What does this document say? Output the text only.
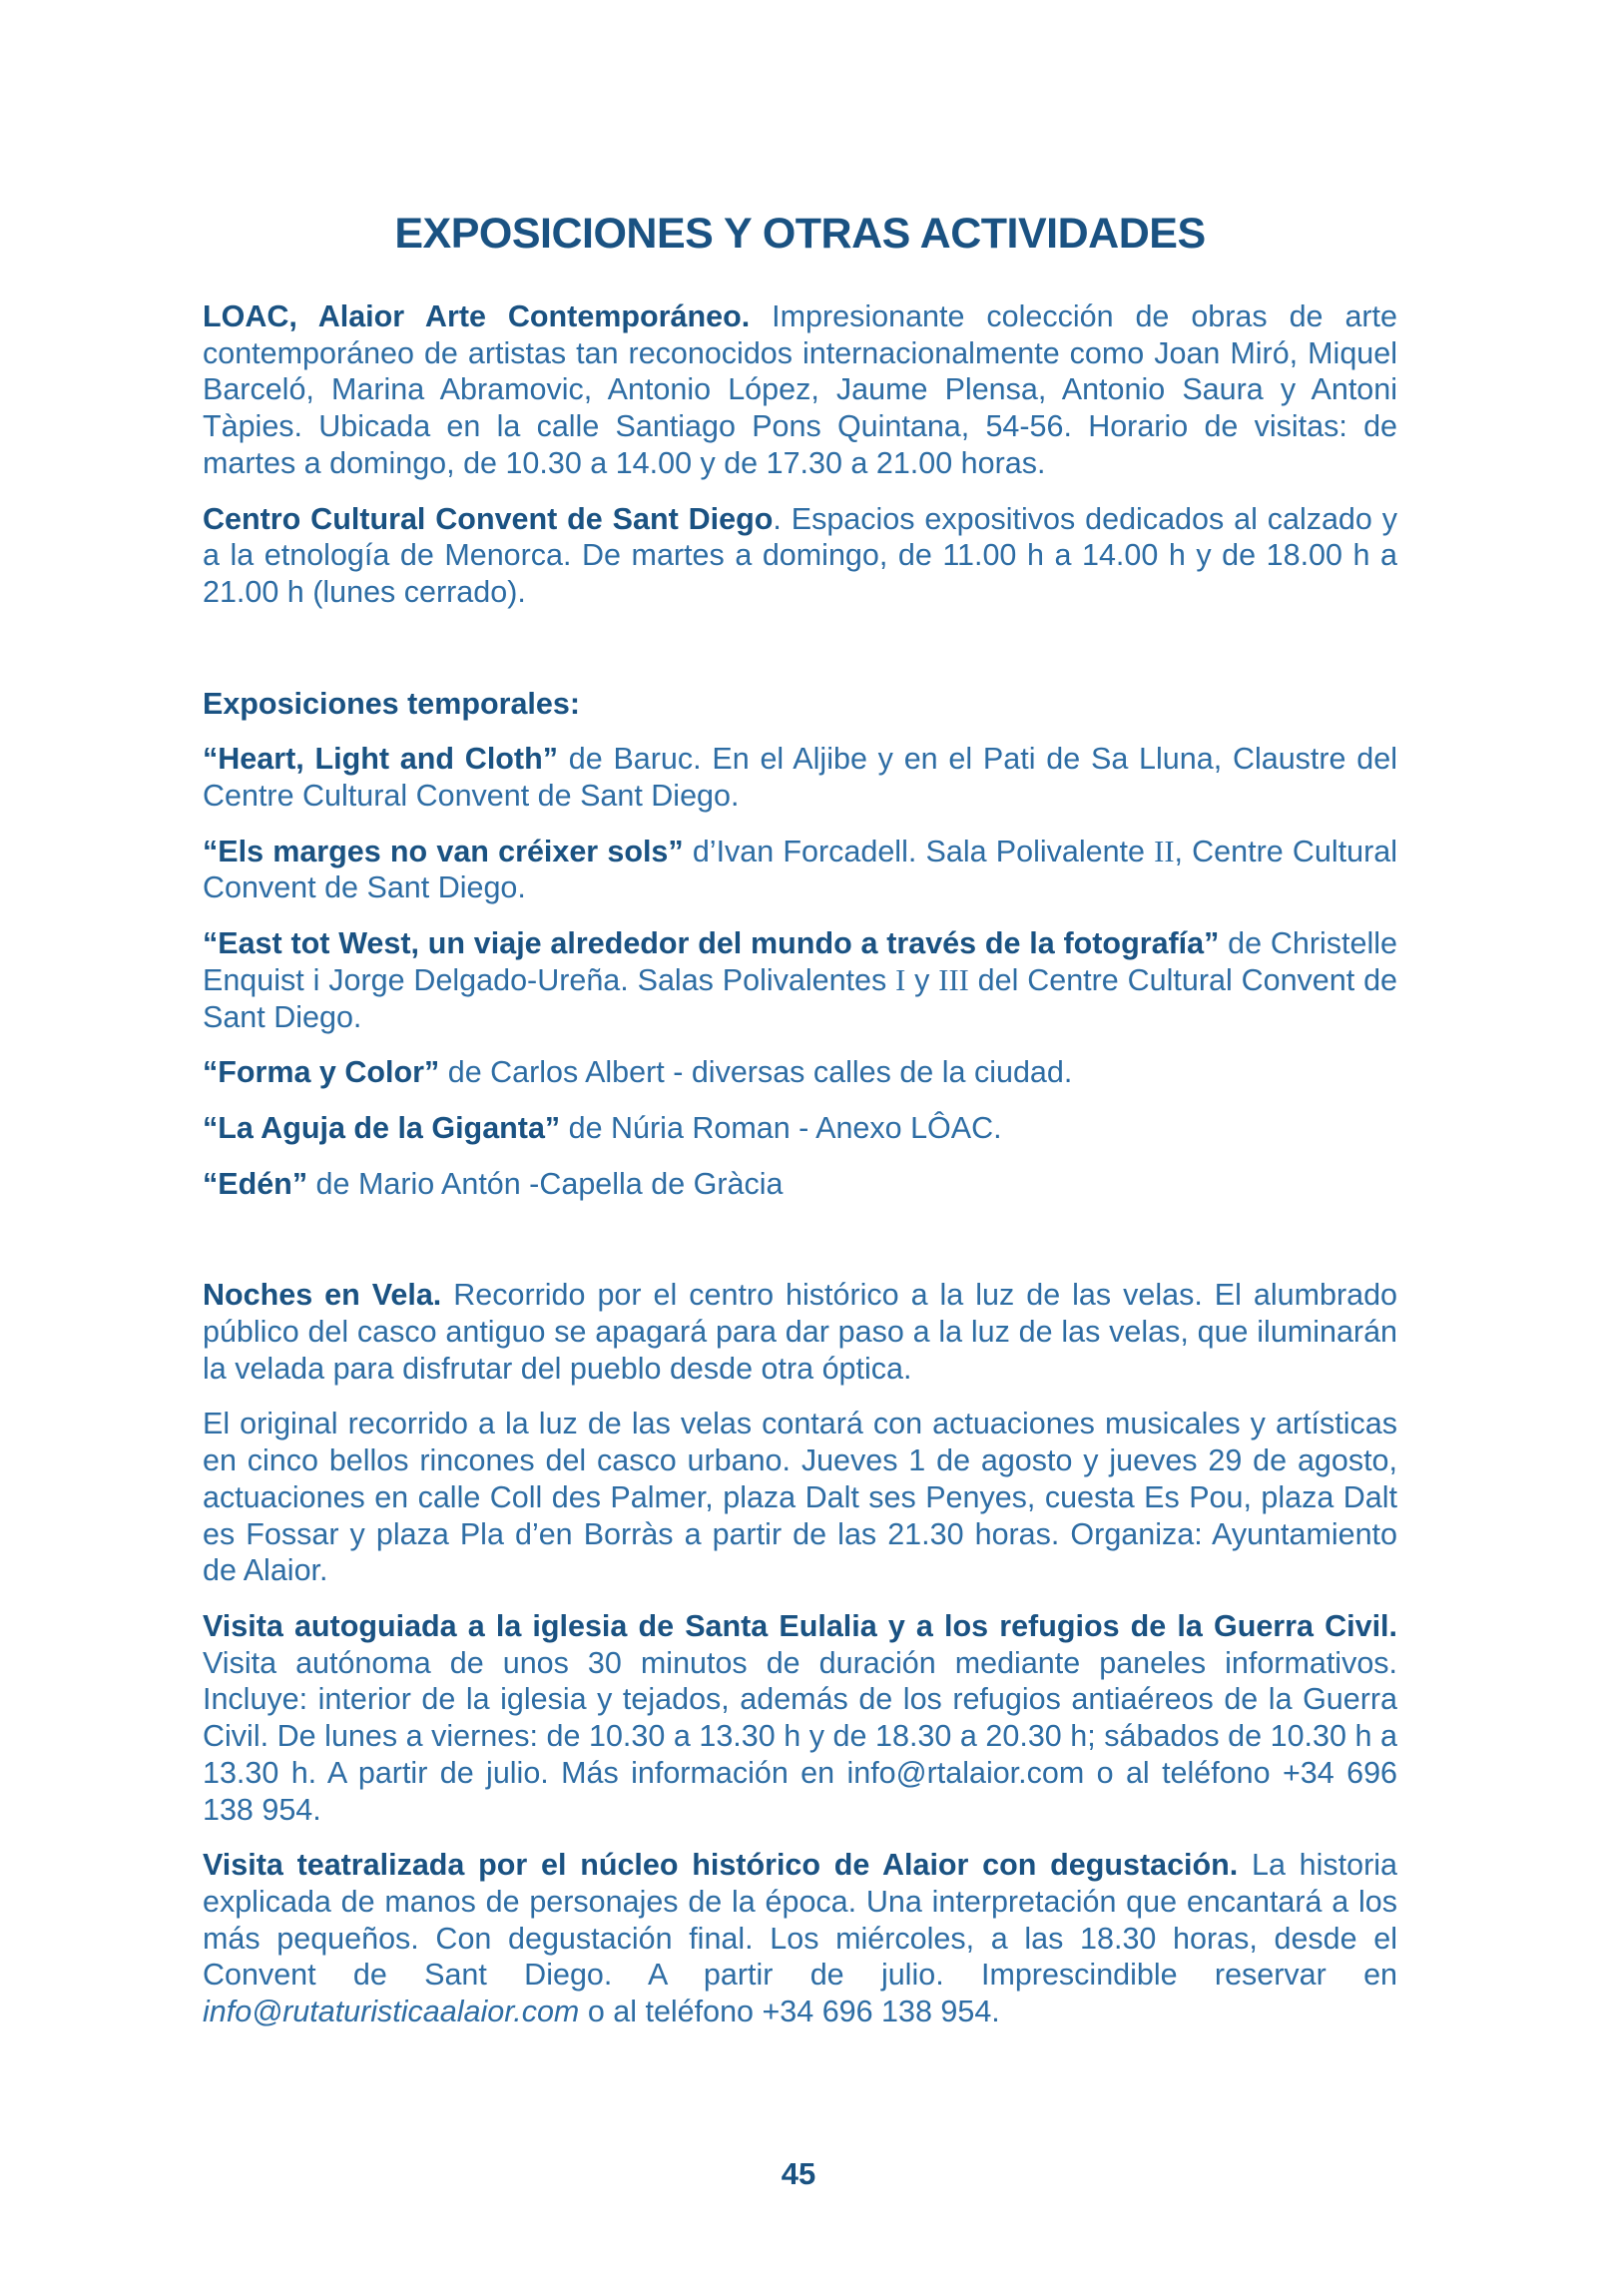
EXPOSICIONES Y OTRAS ACTIVIDADES

LOAC, Alaior Arte Contemporáneo. Impresionante colección de obras de arte contemporáneo de artistas tan reconocidos internacionalmente como Joan Miró, Miquel Barceló, Marina Abramovic, Antonio López, Jaume Plensa, Antonio Saura y Antoni Tàpies. Ubicada en la calle Santiago Pons Quintana, 54-56. Horario de visitas: de martes a domingo, de 10.30 a 14.00 y de 17.30 a 21.00 horas.

Centro Cultural Convent de Sant Diego. Espacios expositivos dedicados al calzado y a la etnología de Menorca. De martes a domingo, de 11.00 h a 14.00 h y de 18.00 h a 21.00 h (lunes cerrado).

Exposiciones temporales:

“Heart, Light and Cloth” de Baruc. En el Aljibe y en el Pati de Sa Lluna, Claustre del Centre Cultural Convent de Sant Diego.

“Els marges no van créixer sols” d’Ivan Forcadell. Sala Polivalente II, Centre Cultural Convent de Sant Diego.

“East tot West, un viaje alrededor del mundo a través de la fotografía” de Christelle Enquist i Jorge Delgado-Ureña. Salas Polivalentes I y III del Centre Cultural Convent de Sant Diego.

“Forma y Color” de Carlos Albert - diversas calles de la ciudad.

“La Aguja de la Giganta” de Núria Roman - Anexo LÔAC.

“Edén” de Mario Antón -Capella de Gràcia

Noches en Vela. Recorrido por el centro histórico a la luz de las velas. El alumbrado público del casco antiguo se apagará para dar paso a la luz de las velas, que iluminarán la velada para disfrutar del pueblo desde otra óptica.

El original recorrido a la luz de las velas contará con actuaciones musicales y artísticas en cinco bellos rincones del casco urbano. Jueves 1 de agosto y jueves 29 de agosto, actuaciones en calle Coll des Palmer, plaza Dalt ses Penyes, cuesta Es Pou, plaza Dalt es Fossar y plaza Pla d’en Borràs a partir de las 21.30 horas. Organiza: Ayuntamiento de Alaior.

Visita autoguiada a la iglesia de Santa Eulalia y a los refugios de la Guerra Civil. Visita autónoma de unos 30 minutos de duración mediante paneles informativos. Incluye: interior de la iglesia y tejados, además de los refugios antiaéreos de la Guerra Civil. De lunes a viernes: de 10.30 a 13.30 h y de 18.30 a 20.30 h; sábados de 10.30 h a 13.30 h. A partir de julio. Más información en info@rtalaior.com o al teléfono +34 696 138 954.

Visita teatralizada por el núcleo histórico de Alaior con degustación. La historia explicada de manos de personajes de la época. Una interpretación que encantará a los más pequeños. Con degustación final. Los miércoles, a las 18.30 horas, desde el Convent de Sant Diego. A partir de julio. Imprescindible reservar en info@rutaturisticaalaior.com o al teléfono +34 696 138 954.

45
